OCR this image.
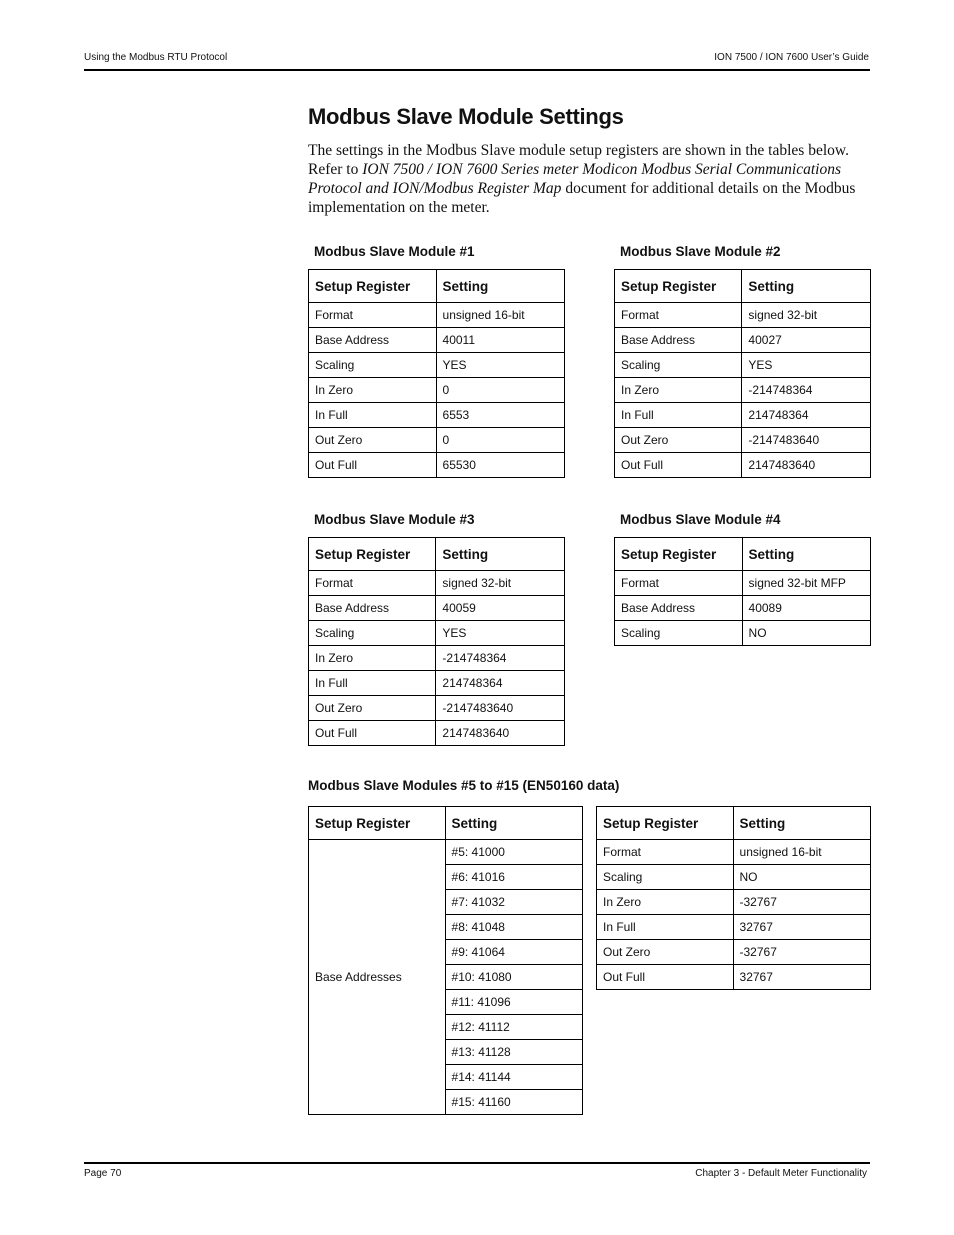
Using the Modbus RTU Protocol	ION 7500 / ION 7600 User’s Guide
Modbus Slave Module Settings
The settings in the Modbus Slave module setup registers are shown in the tables below. Refer to ION 7500 / ION 7600 Series meter Modicon Modbus Serial Communications Protocol and ION/Modbus Register Map document for additional details on the Modbus implementation on the meter.
Modbus Slave Module #1
Setup Register	Setting
Format	unsigned 16-bit
Base Address	40011
Scaling	YES
In Zero	0
In Full	6553
Out Zero	0
Out Full	65530
Modbus Slave Module #2
Setup Register	Setting
Format	signed 32-bit
Base Address	40027
Scaling	YES
In Zero	-214748364
In Full	214748364
Out Zero	-2147483640
Out Full	2147483640
Modbus Slave Module #3
Setup Register	Setting
Format	signed 32-bit
Base Address	40059
Scaling	YES
In Zero	-214748364
In Full	214748364
Out Zero	-2147483640
Out Full	2147483640
Modbus Slave Module #4
Setup Register	Setting
Format	signed 32-bit MFP
Base Address	40089
Scaling	NO
Modbus Slave Modules #5 to #15 (EN50160 data)
Setup Register	Setting
Base Addresses	#5: 41000
	#6: 41016
	#7: 41032
	#8: 41048
	#9: 41064
	#10: 41080
	#11: 41096
	#12: 41112
	#13: 41128
	#14: 41144
	#15: 41160
Setup Register	Setting
Format	unsigned 16-bit
Scaling	NO
In Zero	-32767
In Full	32767
Out Zero	-32767
Out Full	32767
Page 70	Chapter 3 - Default Meter Functionality
